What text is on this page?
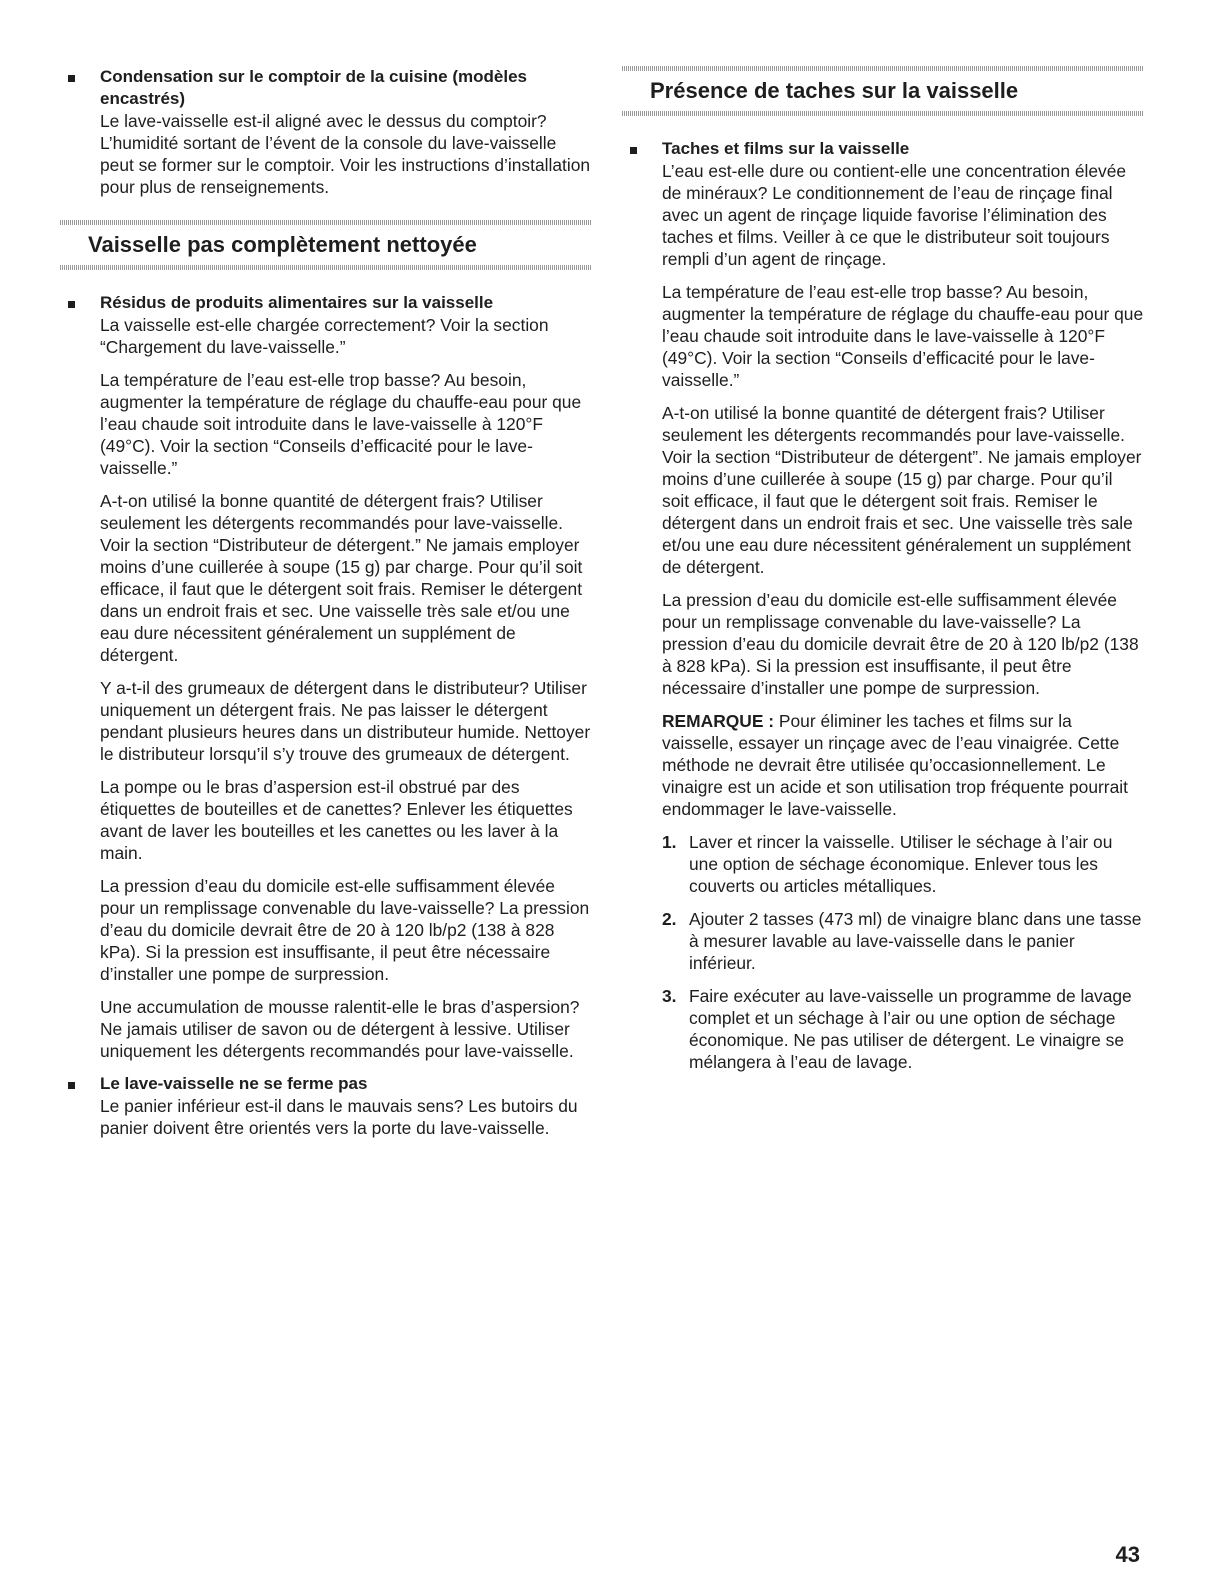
Condensation sur le comptoir de la cuisine (modèles encastrés)

Le lave-vaisselle est-il aligné avec le dessus du comptoir? L’humidité sortant de l’évent de la console du lave-vaisselle peut se former sur le comptoir. Voir les instructions d’installation pour plus de renseignements.

Vaisselle pas complètement nettoyée
Résidus de produits alimentaires sur la vaisselle

La vaisselle est-elle chargée correctement? Voir la section “Chargement du lave-vaisselle.”

La température de l’eau est-elle trop basse? Au besoin, augmenter la température de réglage du chauffe-eau pour que l’eau chaude soit introduite dans le lave-vaisselle à 120°F (49°C). Voir la section “Conseils d’efficacité pour le lave-vaisselle.”

A-t-on utilisé la bonne quantité de détergent frais? Utiliser seulement les détergents recommandés pour lave-vaisselle. Voir la section “Distributeur de détergent.” Ne jamais employer moins d’une cuillerée à soupe (15 g) par charge. Pour qu’il soit efficace, il faut que le détergent soit frais. Remiser le détergent dans un endroit frais et sec. Une vaisselle très sale et/ou une eau dure nécessitent généralement un supplément de détergent.

Y a-t-il des grumeaux de détergent dans le distributeur? Utiliser uniquement un détergent frais. Ne pas laisser le détergent pendant plusieurs heures dans un distributeur humide. Nettoyer le distributeur lorsqu’il s’y trouve des grumeaux de détergent.

La pompe ou le bras d’aspersion est-il obstrué par des étiquettes de bouteilles et de canettes? Enlever les étiquettes avant de laver les bouteilles et les canettes ou les laver à la main.

La pression d’eau du domicile est-elle suffisamment élevée pour un remplissage convenable du lave-vaisselle? La pression d’eau du domicile devrait être de 20 à 120 lb/p2 (138 à 828 kPa). Si la pression est insuffisante, il peut être nécessaire d’installer une pompe de surpression.

Une accumulation de mousse ralentit-elle le bras d’aspersion? Ne jamais utiliser de savon ou de détergent à lessive. Utiliser uniquement les détergents recommandés pour lave-vaisselle.

Le lave-vaisselle ne se ferme pas

Le panier inférieur est-il dans le mauvais sens? Les butoirs du panier doivent être orientés vers la porte du lave-vaisselle.

Présence de taches sur la vaisselle
Taches et films sur la vaisselle

L’eau est-elle dure ou contient-elle une concentration élevée de minéraux? Le conditionnement de l’eau de rinçage final avec un agent de rinçage liquide favorise l’élimination des taches et films. Veiller à ce que le distributeur soit toujours rempli d’un agent de rinçage.

La température de l’eau est-elle trop basse? Au besoin, augmenter la température de réglage du chauffe-eau pour que l’eau chaude soit introduite dans le lave-vaisselle à 120°F (49°C). Voir la section “Conseils d’efficacité pour le lave-vaisselle.”

A-t-on utilisé la bonne quantité de détergent frais? Utiliser seulement les détergents recommandés pour lave-vaisselle. Voir la section “Distributeur de détergent”. Ne jamais employer moins d’une cuillerée à soupe (15 g) par charge. Pour qu’il soit efficace, il faut que le détergent soit frais. Remiser le détergent dans un endroit frais et sec. Une vaisselle très sale et/ou une eau dure nécessitent généralement un supplément de détergent.

La pression d’eau du domicile est-elle suffisamment élevée pour un remplissage convenable du lave-vaisselle? La pression d’eau du domicile devrait être de 20 à 120 lb/p2 (138 à 828 kPa). Si la pression est insuffisante, il peut être nécessaire d’installer une pompe de surpression.

REMARQUE : Pour éliminer les taches et films sur la vaisselle, essayer un rinçage avec de l’eau vinaigrée. Cette méthode ne devrait être utilisée qu’occasionnellement. Le vinaigre est un acide et son utilisation trop fréquente pourrait endommager le lave-vaisselle.

1. Laver et rincer la vaisselle. Utiliser le séchage à l’air ou une option de séchage économique. Enlever tous les couverts ou articles métalliques.

2. Ajouter 2 tasses (473 ml) de vinaigre blanc dans une tasse à mesurer lavable au lave-vaisselle dans le panier inférieur.

3. Faire exécuter au lave-vaisselle un programme de lavage complet et un séchage à l’air ou une option de séchage économique. Ne pas utiliser de détergent. Le vinaigre se mélangera à l’eau de lavage.

43
